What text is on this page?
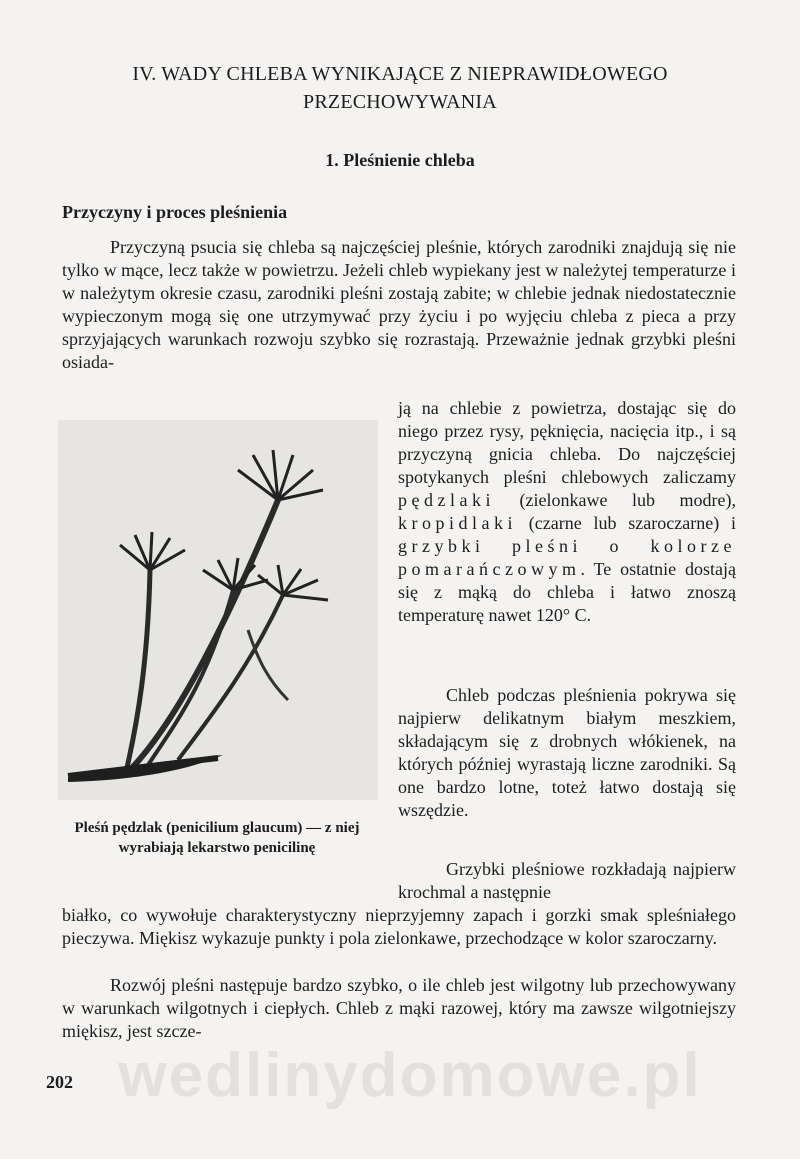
IV. WADY CHLEBA WYNIKAJĄCE Z NIEPRAWIDŁOWEGO
PRZECHOWYWANIA
1. Pleśnienie chleba
Przyczyny i proces pleśnienia
Przyczyną psucia się chleba są najczęściej pleśnie, których zarodniki znajdują się nie tylko w mące, lecz także w powietrzu. Jeżeli chleb wypiekany jest w należytej temperaturze i w należytym okresie czasu, zarodniki pleśni zostają zabite; w chlebie jednak niedostatecznie wypieczonym mogą się one utrzymywać przy życiu i po wyjęciu chleba z pieca a przy sprzyjających warunkach rozwoju szybko się rozrastają. Przeważnie jednak grzybki pleśni osiada-
ją na chlebie z powietrza, dostając się do niego przez rysy, pęknięcia, nacięcia itp., i są przyczyną gnicia chleba. Do najczęściej spotykanych pleśni chlebowych zaliczamy pędzlaki (zielonkawe lub modre), kropidlaki (czarne lub szaroczarne) i grzybki pleśni o kolorze pomarańczowym. Te ostatnie dostają się z mąką do chleba i łatwo znoszą temperaturę nawet 120° C.
Chleb podczas pleśnienia pokrywa się najpierw delikatnym białym meszkiem, składającym się z drobnych włókienek, na których później wyrastają liczne zarodniki. Są one bardzo lotne, toteż łatwo dostają się wszędzie.
Grzybki pleśniowe rozkładają najpierw krochmal a następnie
białko, co wywołuje charakterystyczny nieprzyjemny zapach i gorzki smak spleśniałego pieczywa. Miękisz wykazuje punkty i pola zielonkawe, przechodzące w kolor szaroczarny.
Rozwój pleśni następuje bardzo szybko, o ile chleb jest wilgotny lub przechowywany w warunkach wilgotnych i ciepłych. Chleb z mąki razowej, który ma zawsze wilgotniejszy miękisz, jest szcze-
Pleśń pędzlak (penicilium glaucum) — z niej wyrabiają lekarstwo penicilinę
wedlinydomowe.pl
202
